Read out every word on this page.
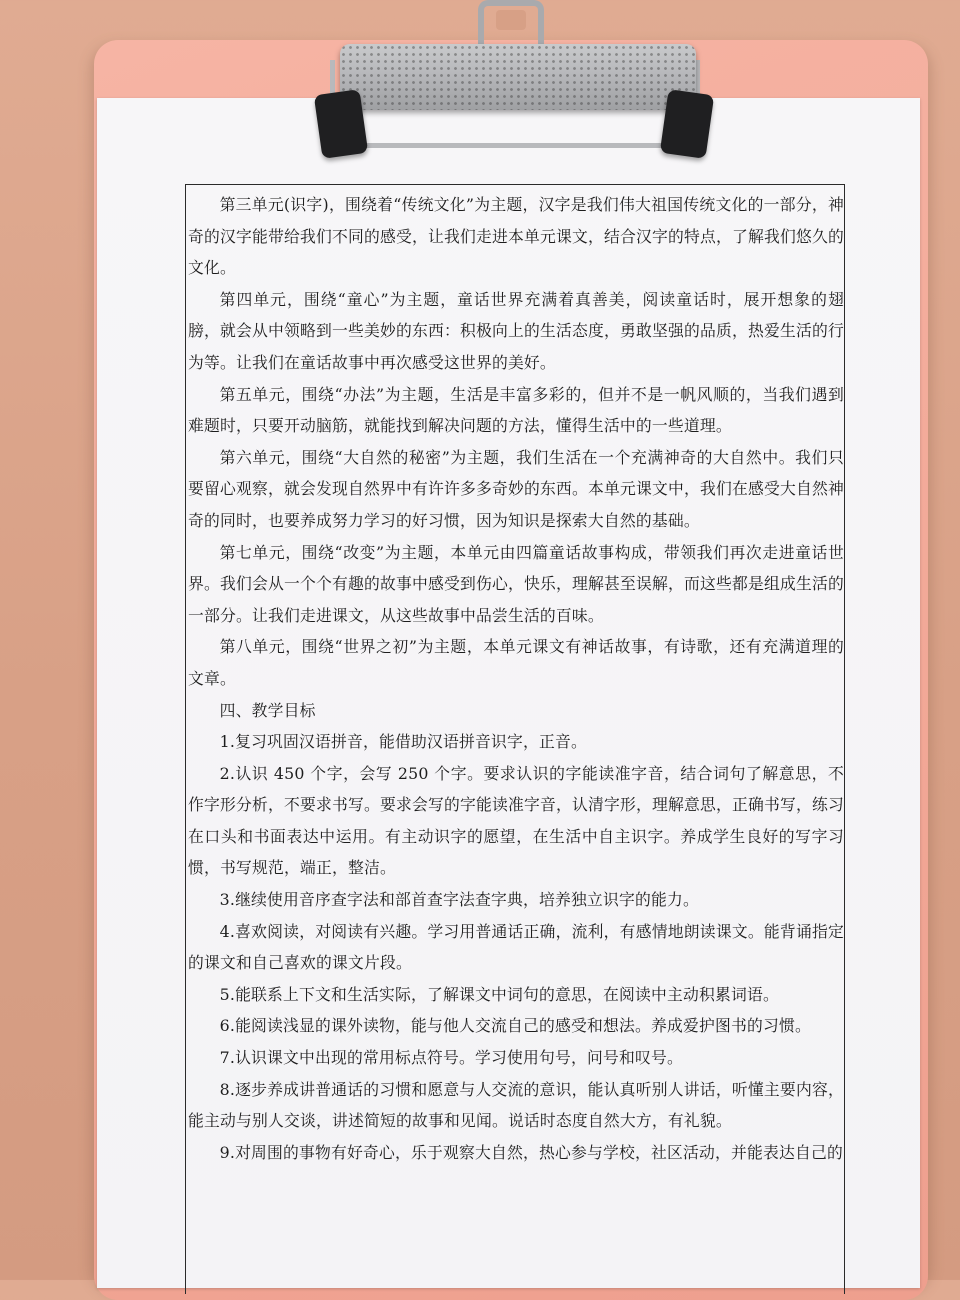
第三单元(识字)，围绕着“传统文化”为主题，汉字是我们伟大祖国传统文化的一部分，神奇的汉字能带给我们不同的感受，让我们走进本单元课文，结合汉字的特点，了解我们悠久的文化。

第四单元，围绕“童心”为主题，童话世界充满着真善美，阅读童话时，展开想象的翅膀，就会从中领略到一些美妙的东西：积极向上的生活态度，勇敢坚强的品质，热爱生活的行为等。让我们在童话故事中再次感受这世界的美好。

第五单元，围绕“办法”为主题，生活是丰富多彩的，但并不是一帆风顺的，当我们遇到难题时，只要开动脑筋，就能找到解决问题的方法，懂得生活中的一些道理。

第六单元，围绕“大自然的秘密”为主题，我们生活在一个充满神奇的大自然中。我们只要留心观察，就会发现自然界中有许许多多奇妙的东西。本单元课文中，我们在感受大自然神奇的同时，也要养成努力学习的好习惯，因为知识是探索大自然的基础。

第七单元，围绕“改变”为主题，本单元由四篇童话故事构成，带领我们再次走进童话世界。我们会从一个个有趣的故事中感受到伤心，快乐，理解甚至误解，而这些都是组成生活的一部分。让我们走进课文，从这些故事中品尝生活的百味。

第八单元，围绕“世界之初”为主题，本单元课文有神话故事，有诗歌，还有充满道理的文章。

四、教学目标

1.复习巩固汉语拼音，能借助汉语拼音识字，正音。

2.认识 450 个字，会写 250 个字。要求认识的字能读准字音，结合词句了解意思，不作字形分析，不要求书写。要求会写的字能读准字音，认清字形，理解意思，正确书写，练习在口头和书面表达中运用。有主动识字的愿望，在生活中自主识字。养成学生良好的写字习惯，书写规范，端正，整洁。

3.继续使用音序查字法和部首查字法查字典，培养独立识字的能力。

4.喜欢阅读，对阅读有兴趣。学习用普通话正确，流利，有感情地朗读课文。能背诵指定的课文和自己喜欢的课文片段。

5.能联系上下文和生活实际，了解课文中词句的意思，在阅读中主动积累词语。

6.能阅读浅显的课外读物，能与他人交流自己的感受和想法。养成爱护图书的习惯。

7.认识课文中出现的常用标点符号。学习使用句号，问号和叹号。

8.逐步养成讲普通话的习惯和愿意与人交流的意识，能认真听别人讲话，听懂主要内容，能主动与别人交谈，讲述简短的故事和见闻。说话时态度自然大方，有礼貌。

9.对周围的事物有好奇心，乐于观察大自然，热心参与学校，社区活动，并能表达自己的
